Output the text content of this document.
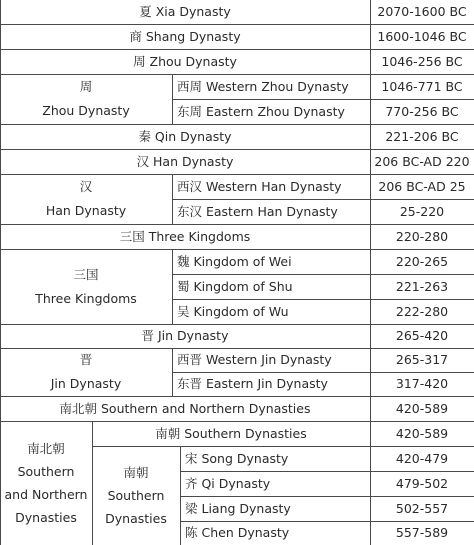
夏 Xia Dynasty	2070-1600 BC
商 Shang Dynasty	1600-1046 BC
周 Zhou Dynasty	1046-256 BC
周
Zhou Dynasty
西周 Western Zhou Dynasty	1046-771 BC
东周 Eastern Zhou Dynasty	770-256 BC
秦 Qin Dynasty	221-206 BC
汉 Han Dynasty	206 BC-AD 220
汉
Han Dynasty
西汉 Western Han Dynasty	206 BC-AD 25
东汉 Eastern Han Dynasty	25-220
三国 Three Kingdoms	220-280
三国
Three Kingdoms
魏 Kingdom of Wei	220-265
蜀 Kingdom of Shu	221-263
吴 Kingdom of Wu	222-280
晋 Jin Dynasty	265-420
晋
Jin Dynasty
西晋 Western Jin Dynasty	265-317
东晋 Eastern Jin Dynasty	317-420
南北朝 Southern and Northern Dynasties	420-589
南北朝
Southern
and Northern
Dynasties
南朝 Southern Dynasties	420-589
南朝
Southern
Dynasties
宋 Song Dynasty	420-479
齐 Qi Dynasty	479-502
梁 Liang Dynasty	502-557
陈 Chen Dynasty	557-589
